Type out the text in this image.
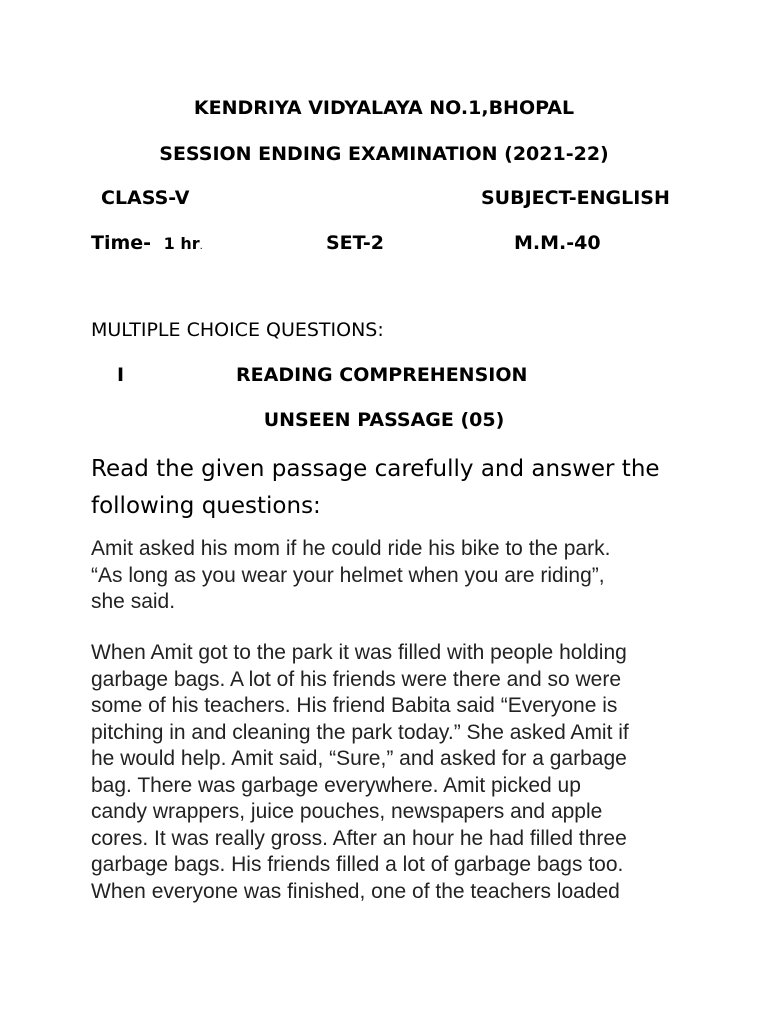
KENDRIYA VIDYALAYA NO.1,BHOPAL
SESSION ENDING EXAMINATION (2021-22)
CLASS-V	SUBJECT-ENGLISH
Time- 1 hr.	SET-2	M.M.-40
MULTIPLE CHOICE QUESTIONS:
I	READING COMPREHENSION
UNSEEN PASSAGE (05)
Read the given passage carefully and answer the
following questions:
Amit asked his mom if he could ride his bike to the park.
“As long as you wear your helmet when you are riding”,
she said.
When Amit got to the park it was filled with people holding
garbage bags. A lot of his friends were there and so were
some of his teachers. His friend Babita said “Everyone is
pitching in and cleaning the park today.” She asked Amit if
he would help. Amit said, “Sure,” and asked for a garbage
bag. There was garbage everywhere. Amit picked up
candy wrappers, juice pouches, newspapers and apple
cores. It was really gross. After an hour he had filled three
garbage bags. His friends filled a lot of garbage bags too.
When everyone was finished, one of the teachers loaded
